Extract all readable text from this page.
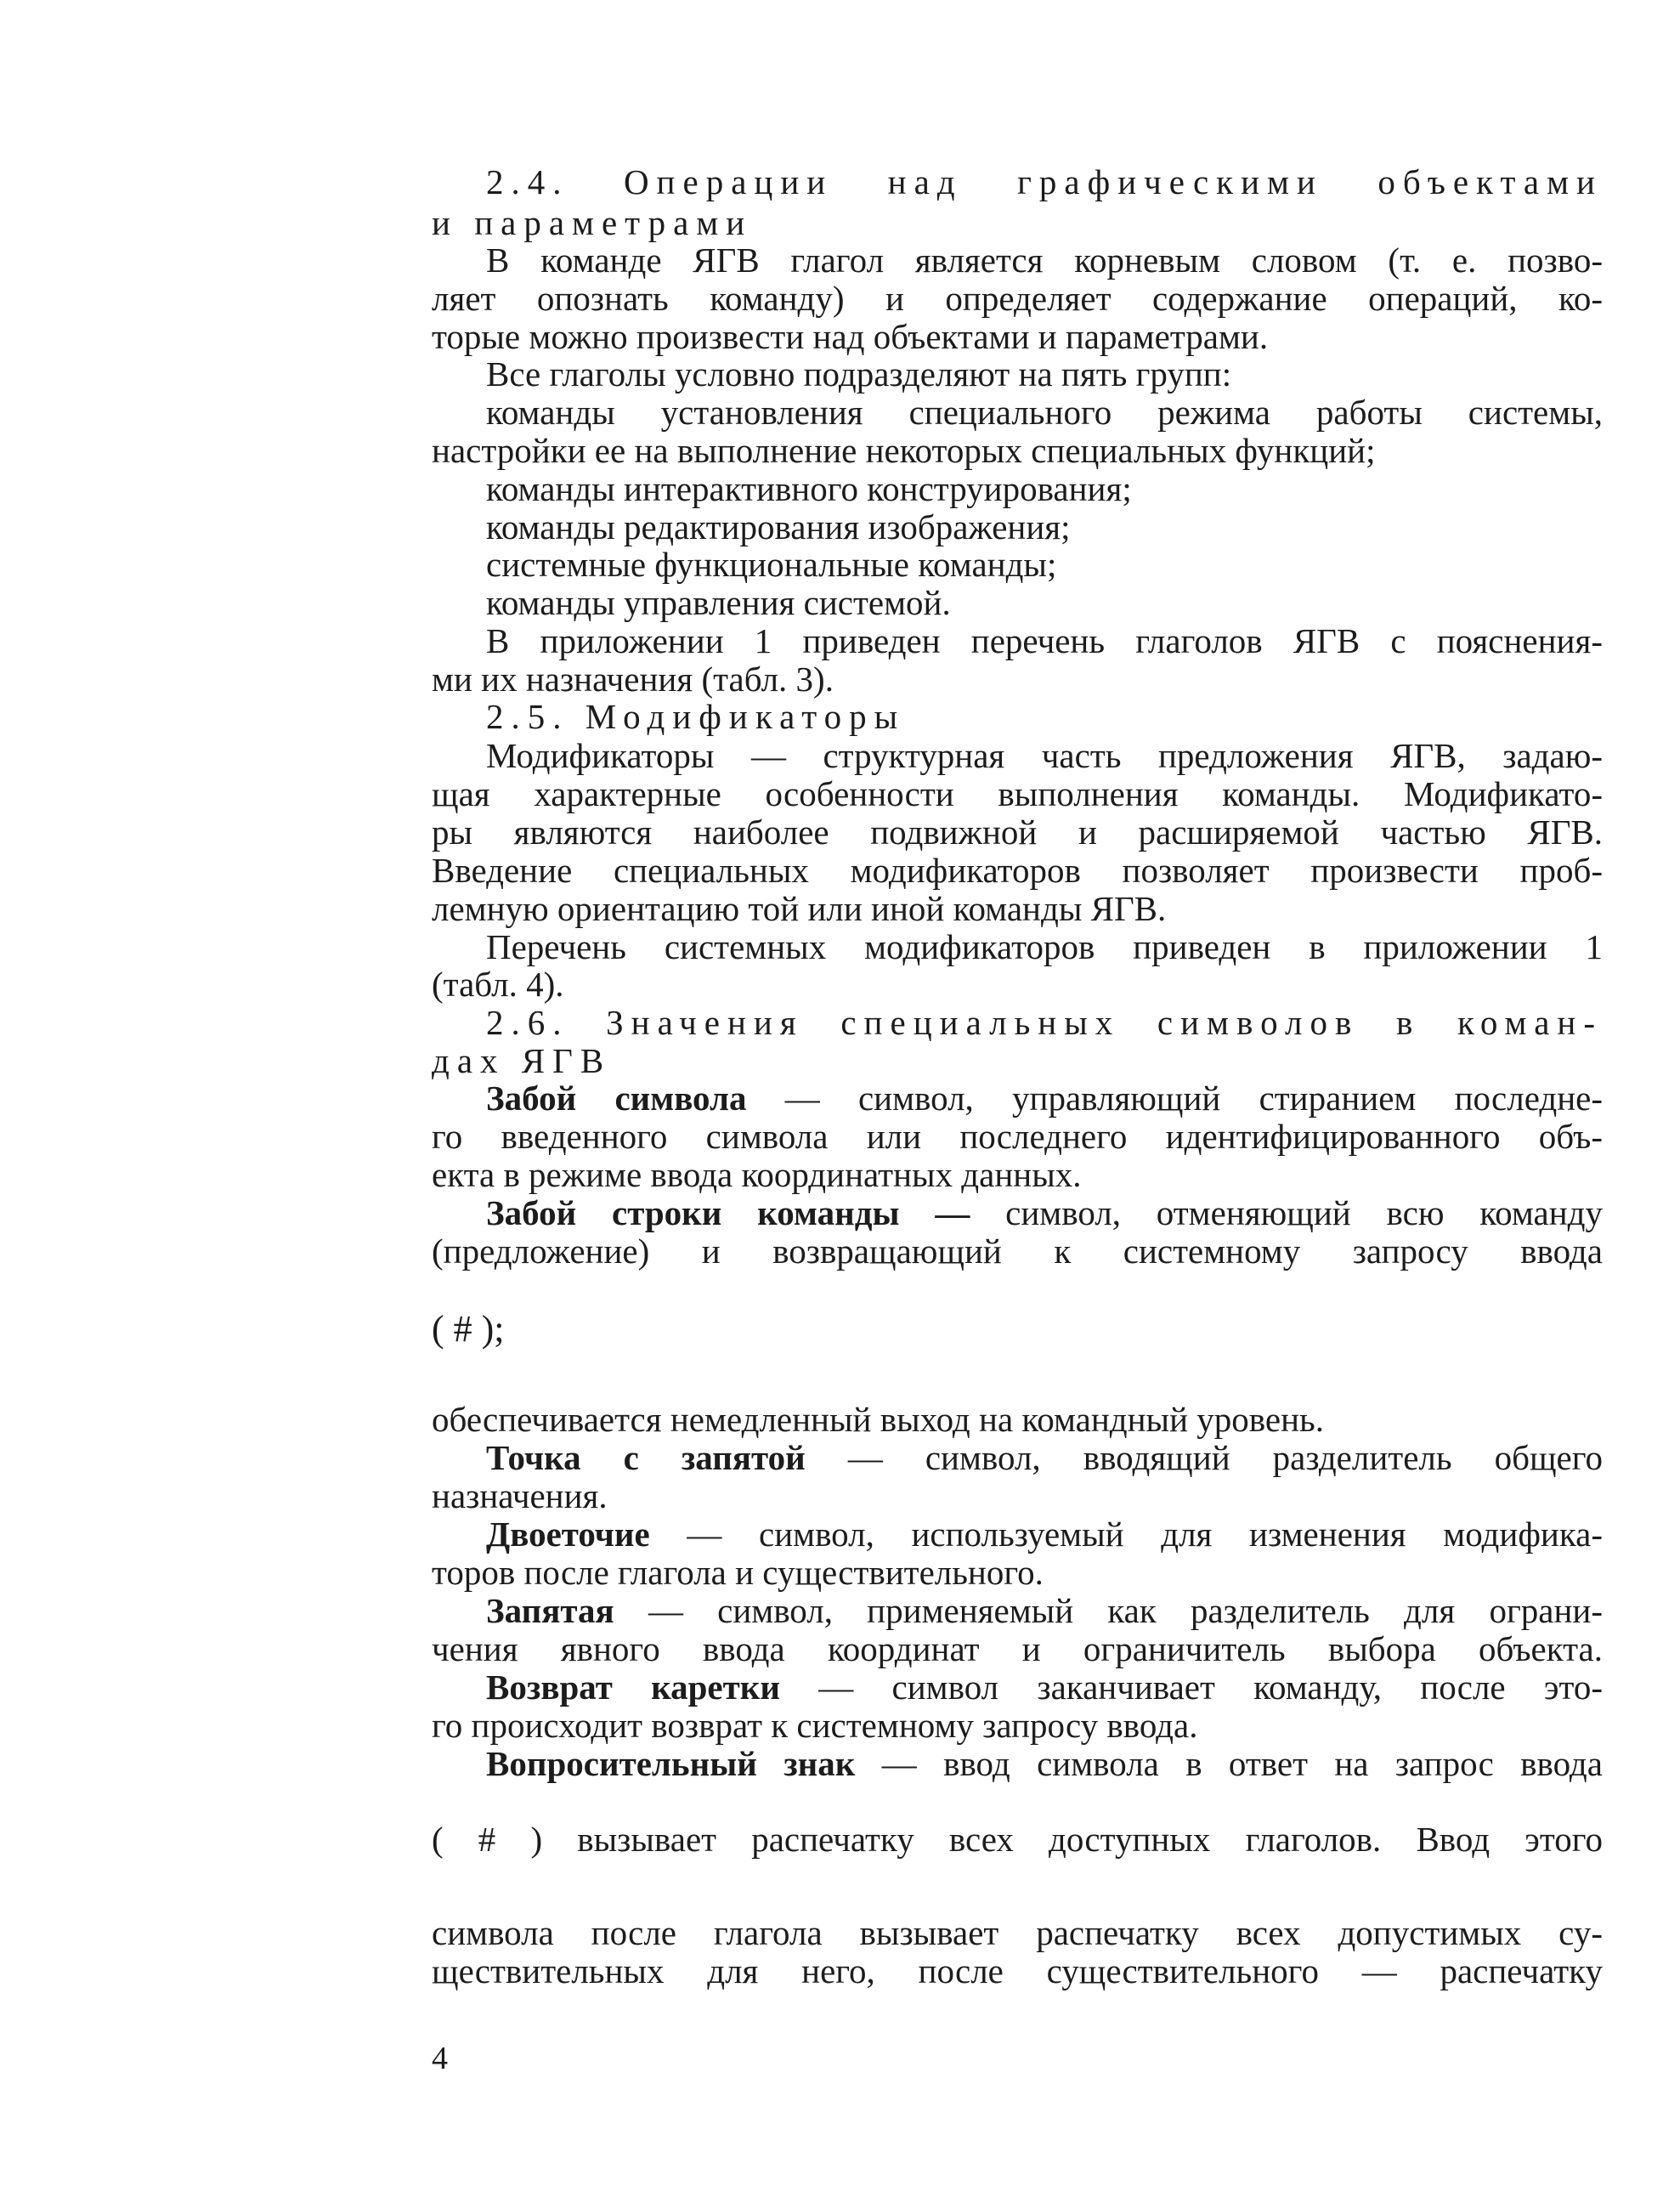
2.4. Операции над графическими объектами
и параметрами
В команде ЯГВ глагол является корневым словом (т. е. позво-
ляет опознать команду) и определяет содержание операций, ко-
торые можно произвести над объектами и параметрами.
Все глаголы условно подразделяют на пять групп:
команды установления специального режима работы системы,
настройки ее на выполнение некоторых специальных функций;
команды интерактивного конструирования;
команды редактирования изображения;
системные функциональные команды;
команды управления системой.
В приложении 1 приведен перечень глаголов ЯГВ с пояснения-
ми их назначения (табл. 3).
2.5. Модификаторы
Модификаторы — структурная часть предложения ЯГВ, задаю-
щая характерные особенности выполнения команды. Модификато-
ры являются наиболее подвижной и расширяемой частью ЯГВ.
Введение специальных модификаторов позволяет произвести проб-
лемную ориентацию той или иной команды ЯГВ.
Перечень системных модификаторов приведен в приложении 1
(табл. 4).
2.6. Значения специальных символов в коман-
дах ЯГВ
Забой символа — символ, управляющий стиранием последне-
го введенного символа или последнего идентифицированного объ-
екта в режиме ввода координатных данных.
Забой строки команды — символ, отменяющий всю команду
(предложение) и возвращающий к системному запросу ввода
( # );
обеспечивается немедленный выход на командный уровень.
Точка с запятой — символ, вводящий разделитель общего
назначения.
Двоеточие — символ, используемый для изменения модифика-
торов после глагола и существительного.
Запятая — символ, применяемый как разделитель для ограни-
чения явного ввода координат и ограничитель выбора объекта.
Возврат каретки — символ заканчивает команду, после это-
го происходит возврат к системному запросу ввода.
Вопросительный знак — ввод символа в ответ на запрос ввода
( # ) вызывает распечатку всех доступных глаголов. Ввод этого
символа после глагола вызывает распечатку всех допустимых су-
ществительных для него, после существительного — распечатку
4
